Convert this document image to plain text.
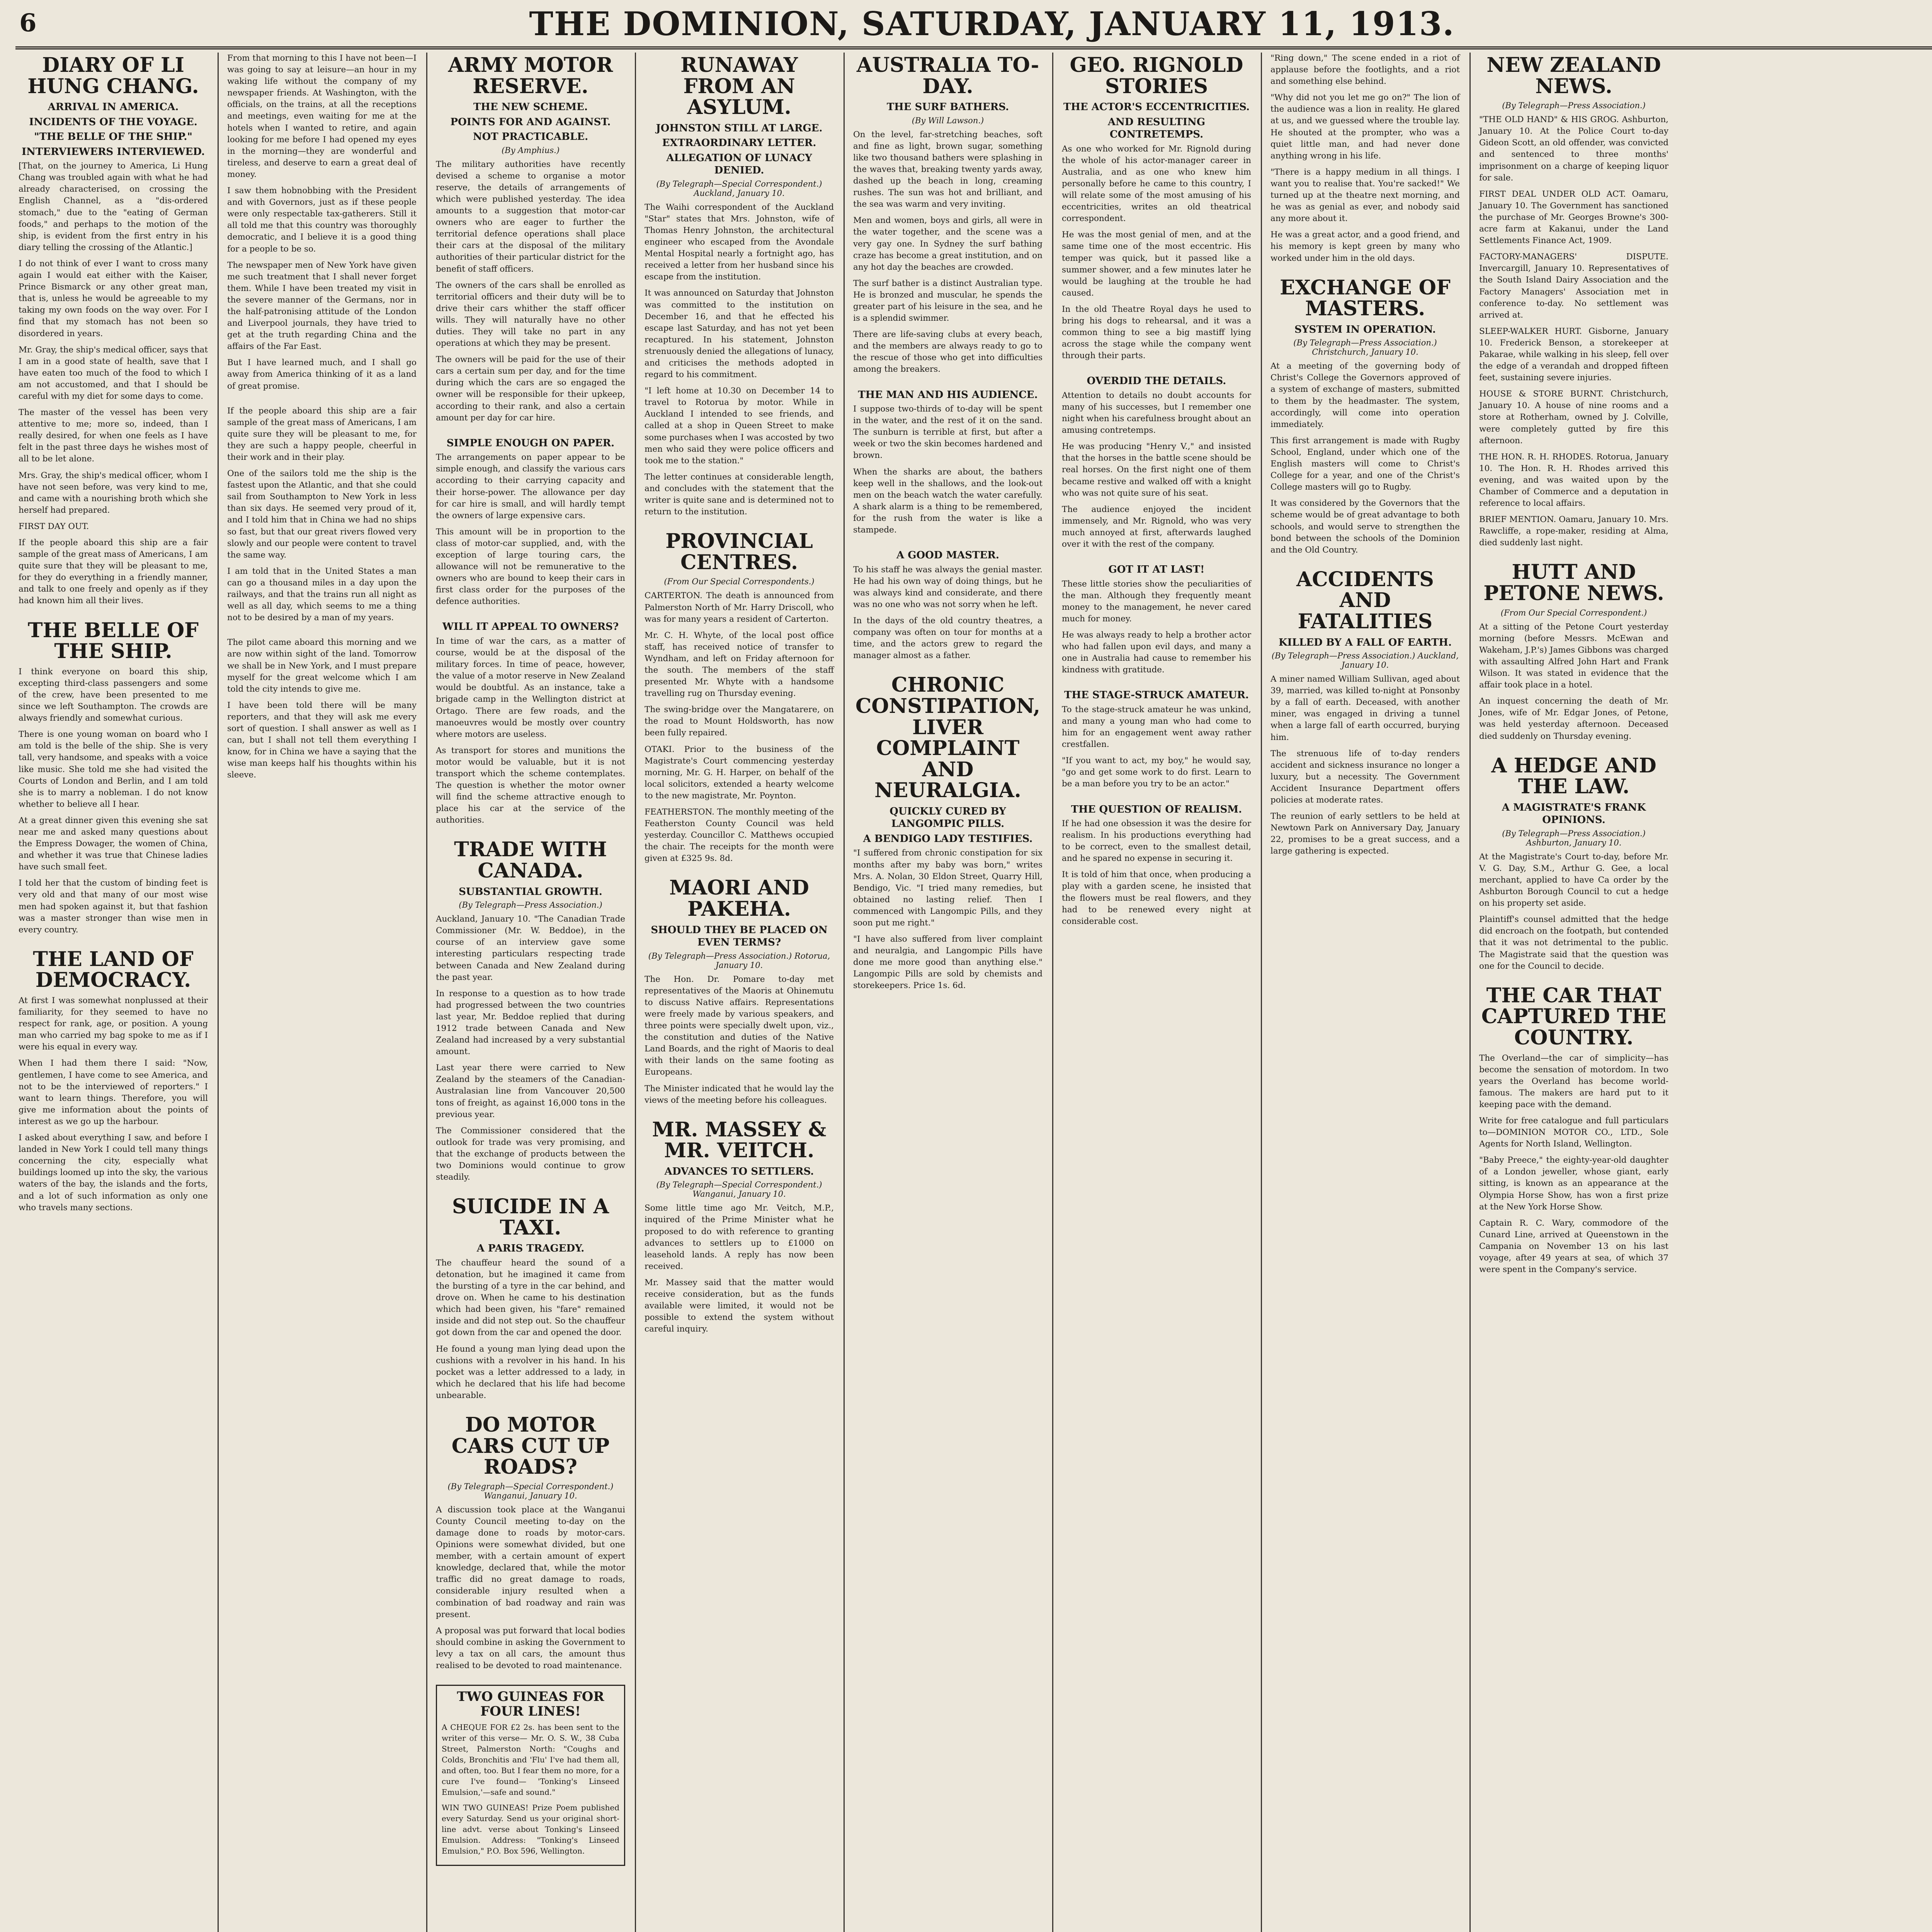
6	THE DOMINION, SATURDAY, JANUARY 11, 1913.
DIARY OF LI HUNG CHANG.
ARRIVAL IN AMERICA.
INCIDENTS OF THE VOYAGE.
"THE BELLE OF THE SHIP."
INTERVIEWERS INTERVIEWED.

[That, on the journey to America, Li Hung Chang was troubled again with what he had already characterised, on crossing the English Channel, as a "dis-ordered stomach," due to the "eating of German foods," and perhaps to the motion of the ship, is evident from the first entry in his diary telling the crossing of the Atlantic.]

I do not think of ever I want to cross many again I would eat either with the Kaiser, Prince Bismarck or any other great man, that is, unless he would be agreeable to my taking my own foods on the way over. For I find that my stomach has not been so disordered in years.

Mr. Gray, the ship's medical officer, says that I am in a good state of health, save that I have eaten too much of the food to which I am not accustomed, and that I should be careful with my diet for some days to come.

The master of the vessel has been very attentive to me; more so, indeed, than I really desired, for when one feels as I have felt in the past three days he wishes most of all to be let alone.

Mrs. Gray, the ship's medical officer, whom I have not seen before, was very kind to me, and came with a nourishing broth which she herself had prepared.

FIRST DAY OUT.

If the people aboard this ship are a fair sample of the great mass of Americans, I am quite sure that they will be pleasant to me, for they do everything in a friendly manner, and talk to one freely and openly as if they had known him all their lives.

THE BELLE OF THE SHIP.

I think everyone on board this ship, excepting third-class passengers and some of the crew, have been presented to me since we left Southampton. The crowds are always friendly and somewhat curious.

There is one young woman on board who I am told is the belle of the ship. She is very tall, very handsome, and speaks with a voice like music. She told me she had visited the Courts of London and Berlin, and I am told she is to marry a nobleman. I do not know whether to believe all I hear.

At a great dinner given this evening she sat near me and asked many questions about the Empress Dowager, the women of China, and whether it was true that Chinese ladies have such small feet.

I told her that the custom of binding feet is very old and that many of our most wise men had spoken against it, but that fashion was a master stronger than wise men in every country.

THE LAND OF DEMOCRACY.

At first I was somewhat nonplussed at their familiarity, for they seemed to have no respect for rank, age, or position. A young man who carried my bag spoke to me as if I were his equal in every way.

When I had them there I said: "Now, gentlemen, I have come to see America, and not to be the interviewed of reporters." I want to learn things. Therefore, you will give me information about the points of interest as we go up the harbour.

I asked about everything I saw, and before I landed in New York I could tell many things concerning the city, especially what buildings loomed up into the sky, the various waters of the bay, the islands and the forts, and a lot of such information as only one who travels many sections.

From that morning to this I have not been—I was going to say at leisure—an hour in my waking life without the company of my newspaper friends. At Washington, with the officials, on the trains, at all the receptions and meetings, even waiting for me at the hotels when I wanted to retire, and again looking for me before I had opened my eyes in the morning—they are wonderful and tireless, and deserve to earn a great deal of money.

I saw them hobnobbing with the President and with Governors, just as if these people were only respectable tax-gatherers. Still it all told me that this country was thoroughly democratic, and I believe it is a good thing for a people to be so.

The newspaper men of New York have given me such treatment that I shall never forget them. While I have been treated my visit in the severe manner of the Germans, nor in the half-patronising attitude of the London and Liverpool journals, they have tried to get at the truth regarding China and the affairs of the Far East.

But I have learned much, and I shall go away from America thinking of it as a land of great promise.

If the people aboard this ship are a fair sample of the great mass of Americans, I am quite sure they will be pleasant to me, for they are such a happy people, cheerful in their work and in their play.

One of the sailors told me the ship is the fastest upon the Atlantic, and that she could sail from Southampton to New York in less than six days. He seemed very proud of it, and I told him that in China we had no ships so fast, but that our great rivers flowed very slowly and our people were content to travel the same way.

I am told that in the United States a man can go a thousand miles in a day upon the railways, and that the trains run all night as well as all day, which seems to me a thing not to be desired by a man of my years.

The pilot came aboard this morning and we are now within sight of the land. Tomorrow we shall be in New York, and I must prepare myself for the great welcome which I am told the city intends to give me.

I have been told there will be many reporters, and that they will ask me every sort of question. I shall answer as well as I can, but I shall not tell them everything I know, for in China we have a saying that the wise man keeps half his thoughts within his sleeve.

ARMY MOTOR RESERVE.
THE NEW SCHEME.
POINTS FOR AND AGAINST.
NOT PRACTICABLE.
(By Amphius.)

The military authorities have recently devised a scheme to organise a motor reserve, the details of arrangements of which were published yesterday. The idea amounts to a suggestion that motor-car owners who are eager to further the territorial defence operations shall place their cars at the disposal of the military authorities of their particular district for the benefit of staff officers.

The owners of the cars shall be enrolled as territorial officers and their duty will be to drive their cars whither the staff officer wills. They will naturally have no other duties. They will take no part in any operations at which they may be present.

The owners will be paid for the use of their cars a certain sum per day, and for the time during which the cars are so engaged the owner will be responsible for their upkeep, according to their rank, and also a certain amount per day for car hire.

SIMPLE ENOUGH ON PAPER.

The arrangements on paper appear to be simple enough, and classify the various cars according to their carrying capacity and their horse-power. The allowance per day for car hire is small, and will hardly tempt the owners of large expensive cars.

This amount will be in proportion to the class of motor-car supplied, and, with the exception of large touring cars, the allowance will not be remunerative to the owners who are bound to keep their cars in first class order for the purposes of the defence authorities.

WILL IT APPEAL TO OWNERS?

In time of war the cars, as a matter of course, would be at the disposal of the military forces. In time of peace, however, the value of a motor reserve in New Zealand would be doubtful. As an instance, take a brigade camp in the Wellington district at Ortago. There are few roads, and the manoeuvres would be mostly over country where motors are useless.

As transport for stores and munitions the motor would be valuable, but it is not transport which the scheme contemplates. The question is whether the motor owner will find the scheme attractive enough to place his car at the service of the authorities.

TRADE WITH CANADA.
SUBSTANTIAL GROWTH.
(By Telegraph—Press Association.)

Auckland, January 10. "The Canadian Trade Commissioner (Mr. W. Beddoe), in the course of an interview gave some interesting particulars respecting trade between Canada and New Zealand during the past year.

In response to a question as to how trade had progressed between the two countries last year, Mr. Beddoe replied that during 1912 trade between Canada and New Zealand had increased by a very substantial amount.

Last year there were carried to New Zealand by the steamers of the Canadian-Australasian line from Vancouver 20,500 tons of freight, as against 16,000 tons in the previous year.

The Commissioner considered that the outlook for trade was very promising, and that the exchange of products between the two Dominions would continue to grow steadily.

SUICIDE IN A TAXI.
A PARIS TRAGEDY.

The chauffeur heard the sound of a detonation, but he imagined it came from the bursting of a tyre in the car behind, and drove on. When he came to his destination which had been given, his "fare" remained inside and did not step out. So the chauffeur got down from the car and opened the door.

He found a young man lying dead upon the cushions with a revolver in his hand. In his pocket was a letter addressed to a lady, in which he declared that his life had become unbearable.

DO MOTOR CARS CUT UP ROADS?
(By Telegraph—Special Correspondent.) Wanganui, January 10.

A discussion took place at the Wanganui County Council meeting to-day on the damage done to roads by motor-cars. Opinions were somewhat divided, but one member, with a certain amount of expert knowledge, declared that, while the motor traffic did no great damage to roads, considerable injury resulted when a combination of bad roadway and rain was present.

A proposal was put forward that local bodies should combine in asking the Government to levy a tax on all cars, the amount thus realised to be devoted to road maintenance.

TWO GUINEAS FOR FOUR LINES!

A CHEQUE FOR £2 2s. has been sent to the writer of this verse— Mr. O. S. W., 38 Cuba Street, Palmerston North: "Coughs and Colds, Bronchitis and 'Flu' I've had them all, and often, too. But I fear them no more, for a cure I've found— 'Tonking's Linseed Emulsion,'—safe and sound."

WIN TWO GUINEAS! Prize Poem published every Saturday. Send us your original short-line advt. verse about Tonking's Linseed Emulsion. Address: "Tonking's Linseed Emulsion," P.O. Box 596, Wellington.

RUNAWAY FROM AN ASYLUM.
JOHNSTON STILL AT LARGE.
EXTRAORDINARY LETTER.
ALLEGATION OF LUNACY DENIED.
(By Telegraph—Special Correspondent.) Auckland, January 10.

The Waihi correspondent of the Auckland "Star" states that Mrs. Johnston, wife of Thomas Henry Johnston, the architectural engineer who escaped from the Avondale Mental Hospital nearly a fortnight ago, has received a letter from her husband since his escape from the institution.

It was announced on Saturday that Johnston was committed to the institution on December 16, and that he effected his escape last Saturday, and has not yet been recaptured. In his statement, Johnston strenuously denied the allegations of lunacy, and criticises the methods adopted in regard to his commitment.

"I left home at 10.30 on December 14 to travel to Rotorua by motor. While in Auckland I intended to see friends, and called at a shop in Queen Street to make some purchases when I was accosted by two men who said they were police officers and took me to the station."

The letter continues at considerable length, and concludes with the statement that the writer is quite sane and is determined not to return to the institution.

PROVINCIAL CENTRES.
(From Our Special Correspondents.)

CARTERTON. The death is announced from Palmerston North of Mr. Harry Driscoll, who was for many years a resident of Carterton.

Mr. C. H. Whyte, of the local post office staff, has received notice of transfer to Wyndham, and left on Friday afternoon for the south. The members of the staff presented Mr. Whyte with a handsome travelling rug on Thursday evening.

The swing-bridge over the Mangatarere, on the road to Mount Holdsworth, has now been fully repaired.

OTAKI. Prior to the business of the Magistrate's Court commencing yesterday morning, Mr. G. H. Harper, on behalf of the local solicitors, extended a hearty welcome to the new magistrate, Mr. Poynton.

FEATHERSTON. The monthly meeting of the Featherston County Council was held yesterday. Councillor C. Matthews occupied the chair. The receipts for the month were given at £325 9s. 8d.

MAORI AND PAKEHA.
SHOULD THEY BE PLACED ON EVEN TERMS?
(By Telegraph—Press Association.) Rotorua, January 10.

The Hon. Dr. Pomare to-day met representatives of the Maoris at Ohinemutu to discuss Native affairs. Representations were freely made by various speakers, and three points were specially dwelt upon, viz., the constitution and duties of the Native Land Boards, and the right of Maoris to deal with their lands on the same footing as Europeans.

The Minister indicated that he would lay the views of the meeting before his colleagues.

MR. MASSEY & MR. VEITCH.
ADVANCES TO SETTLERS.
(By Telegraph—Special Correspondent.) Wanganui, January 10.

Some little time ago Mr. Veitch, M.P., inquired of the Prime Minister what he proposed to do with reference to granting advances to settlers up to £1000 on leasehold lands. A reply has now been received.

Mr. Massey said that the matter would receive consideration, but as the funds available were limited, it would not be possible to extend the system without careful inquiry.

AUSTRALIA TO-DAY.
THE SURF BATHERS.
(By Will Lawson.)

On the level, far-stretching beaches, soft and fine as light, brown sugar, something like two thousand bathers were splashing in the waves that, breaking twenty yards away, dashed up the beach in long, creaming rushes. The sun was hot and brilliant, and the sea was warm and very inviting.

Men and women, boys and girls, all were in the water together, and the scene was a very gay one. In Sydney the surf bathing craze has become a great institution, and on any hot day the beaches are crowded.

The surf bather is a distinct Australian type. He is bronzed and muscular, he spends the greater part of his leisure in the sea, and he is a splendid swimmer.

There are life-saving clubs at every beach, and the members are always ready to go to the rescue of those who get into difficulties among the breakers.

THE MAN AND HIS AUDIENCE.

I suppose two-thirds of to-day will be spent in the water, and the rest of it on the sand. The sunburn is terrible at first, but after a week or two the skin becomes hardened and brown.

When the sharks are about, the bathers keep well in the shallows, and the look-out men on the beach watch the water carefully. A shark alarm is a thing to be remembered, for the rush from the water is like a stampede.

A GOOD MASTER.

To his staff he was always the genial master. He had his own way of doing things, but he was always kind and considerate, and there was no one who was not sorry when he left.

In the days of the old country theatres, a company was often on tour for months at a time, and the actors grew to regard the manager almost as a father.

CHRONIC CONSTIPATION, LIVER COMPLAINT AND NEURALGIA.
QUICKLY CURED BY LANGOMPIC PILLS.
A BENDIGO LADY TESTIFIES.

"I suffered from chronic constipation for six months after my baby was born," writes Mrs. A. Nolan, 30 Eldon Street, Quarry Hill, Bendigo, Vic. "I tried many remedies, but obtained no lasting relief. Then I commenced with Langompic Pills, and they soon put me right."

"I have also suffered from liver complaint and neuralgia, and Langompic Pills have done me more good than anything else." Langompic Pills are sold by chemists and storekeepers. Price 1s. 6d.

GEO. RIGNOLD STORIES
THE ACTOR'S ECCENTRICITIES.
AND RESULTING CONTRETEMPS.

As one who worked for Mr. Rignold during the whole of his actor-manager career in Australia, and as one who knew him personally before he came to this country, I will relate some of the most amusing of his eccentricities, writes an old theatrical correspondent.

He was the most genial of men, and at the same time one of the most eccentric. His temper was quick, but it passed like a summer shower, and a few minutes later he would be laughing at the trouble he had caused.

In the old Theatre Royal days he used to bring his dogs to rehearsal, and it was a common thing to see a big mastiff lying across the stage while the company went through their parts.

OVERDID THE DETAILS.

Attention to details no doubt accounts for many of his successes, but I remember one night when his carefulness brought about an amusing contretemps.

He was producing "Henry V.," and insisted that the horses in the battle scene should be real horses. On the first night one of them became restive and walked off with a knight who was not quite sure of his seat.

The audience enjoyed the incident immensely, and Mr. Rignold, who was very much annoyed at first, afterwards laughed over it with the rest of the company.

GOT IT AT LAST!

These little stories show the peculiarities of the man. Although they frequently meant money to the management, he never cared much for money.

He was always ready to help a brother actor who had fallen upon evil days, and many a one in Australia had cause to remember his kindness with gratitude.

THE STAGE-STRUCK AMATEUR.

To the stage-struck amateur he was unkind, and many a young man who had come to him for an engagement went away rather crestfallen.

"If you want to act, my boy," he would say, "go and get some work to do first. Learn to be a man before you try to be an actor."

THE QUESTION OF REALISM.

If he had one obsession it was the desire for realism. In his productions everything had to be correct, even to the smallest detail, and he spared no expense in securing it.

It is told of him that once, when producing a play with a garden scene, he insisted that the flowers must be real flowers, and they had to be renewed every night at considerable cost.

"Ring down," The scene ended in a riot of applause before the footlights, and a riot and something else behind.

"Why did not you let me go on?" The lion of the audience was a lion in reality. He glared at us, and we guessed where the trouble lay. He shouted at the prompter, who was a quiet little man, and had never done anything wrong in his life.

"There is a happy medium in all things. I want you to realise that. You're sacked!" We turned up at the theatre next morning, and he was as genial as ever, and nobody said any more about it.

He was a great actor, and a good friend, and his memory is kept green by many who worked under him in the old days.

EXCHANGE OF MASTERS.
SYSTEM IN OPERATION.
(By Telegraph—Press Association.) Christchurch, January 10.

At a meeting of the governing body of Christ's College the Governors approved of a system of exchange of masters, submitted to them by the headmaster. The system, accordingly, will come into operation immediately.

This first arrangement is made with Rugby School, England, under which one of the English masters will come to Christ's College for a year, and one of the Christ's College masters will go to Rugby.

It was considered by the Governors that the scheme would be of great advantage to both schools, and would serve to strengthen the bond between the schools of the Dominion and the Old Country.

ACCIDENTS AND FATALITIES
KILLED BY A FALL OF EARTH.
(By Telegraph—Press Association.) Auckland, January 10.

A miner named William Sullivan, aged about 39, married, was killed to-night at Ponsonby by a fall of earth. Deceased, with another miner, was engaged in driving a tunnel when a large fall of earth occurred, burying him.

The strenuous life of to-day renders accident and sickness insurance no longer a luxury, but a necessity. The Government Accident Insurance Department offers policies at moderate rates.

The reunion of early settlers to be held at Newtown Park on Anniversary Day, January 22, promises to be a great success, and a large gathering is expected.

NEW ZEALAND NEWS.
(By Telegraph—Press Association.)

"THE OLD HAND" & HIS GROG. Ashburton, January 10. At the Police Court to-day Gideon Scott, an old offender, was convicted and sentenced to three months' imprisonment on a charge of keeping liquor for sale.

FIRST DEAL UNDER OLD ACT. Oamaru, January 10. The Government has sanctioned the purchase of Mr. Georges Browne's 300-acre farm at Kakanui, under the Land Settlements Finance Act, 1909.

FACTORY-MANAGERS' DISPUTE. Invercargill, January 10. Representatives of the South Island Dairy Association and the Factory Managers' Association met in conference to-day. No settlement was arrived at.

SLEEP-WALKER HURT. Gisborne, January 10. Frederick Benson, a storekeeper at Pakarae, while walking in his sleep, fell over the edge of a verandah and dropped fifteen feet, sustaining severe injuries.

HOUSE & STORE BURNT. Christchurch, January 10. A house of nine rooms and a store at Rotherham, owned by J. Colville, were completely gutted by fire this afternoon.

THE HON. R. H. RHODES. Rotorua, January 10. The Hon. R. H. Rhodes arrived this evening, and was waited upon by the Chamber of Commerce and a deputation in reference to local affairs.

BRIEF MENTION. Oamaru, January 10. Mrs. Rawcliffe, a rope-maker, residing at Alma, died suddenly last night.

HUTT AND PETONE NEWS.
(From Our Special Correspondent.)

At a sitting of the Petone Court yesterday morning (before Messrs. McEwan and Wakeham, J.P.'s) James Gibbons was charged with assaulting Alfred John Hart and Frank Wilson. It was stated in evidence that the affair took place in a hotel.

An inquest concerning the death of Mr. Jones, wife of Mr. Edgar Jones, of Petone, was held yesterday afternoon. Deceased died suddenly on Thursday evening.

A HEDGE AND THE LAW.
A MAGISTRATE'S FRANK OPINIONS.
(By Telegraph—Press Association.) Ashburton, January 10.

At the Magistrate's Court to-day, before Mr. V. G. Day, S.M., Arthur G. Gee, a local merchant, applied to have Ca order by the Ashburton Borough Council to cut a hedge on his property set aside.

Plaintiff's counsel admitted that the hedge did encroach on the footpath, but contended that it was not detrimental to the public. The Magistrate said that the question was one for the Council to decide.

THE CAR THAT CAPTURED THE COUNTRY.

The Overland—the car of simplicity—has become the sensation of motordom. In two years the Overland has become world-famous. The makers are hard put to it keeping pace with the demand.

Write for free catalogue and full particulars to—DOMINION MOTOR CO., LTD., Sole Agents for North Island, Wellington.

"Baby Preece," the eighty-year-old daughter of a London jeweller, whose giant, early sitting, is known as an appearance at the Olympia Horse Show, has won a first prize at the New York Horse Show.

Captain R. C. Wary, commodore of the Cunard Line, arrived at Queenstown in the Campania on November 13 on his last voyage, after 49 years at sea, of which 37 were spent in the Company's service.
